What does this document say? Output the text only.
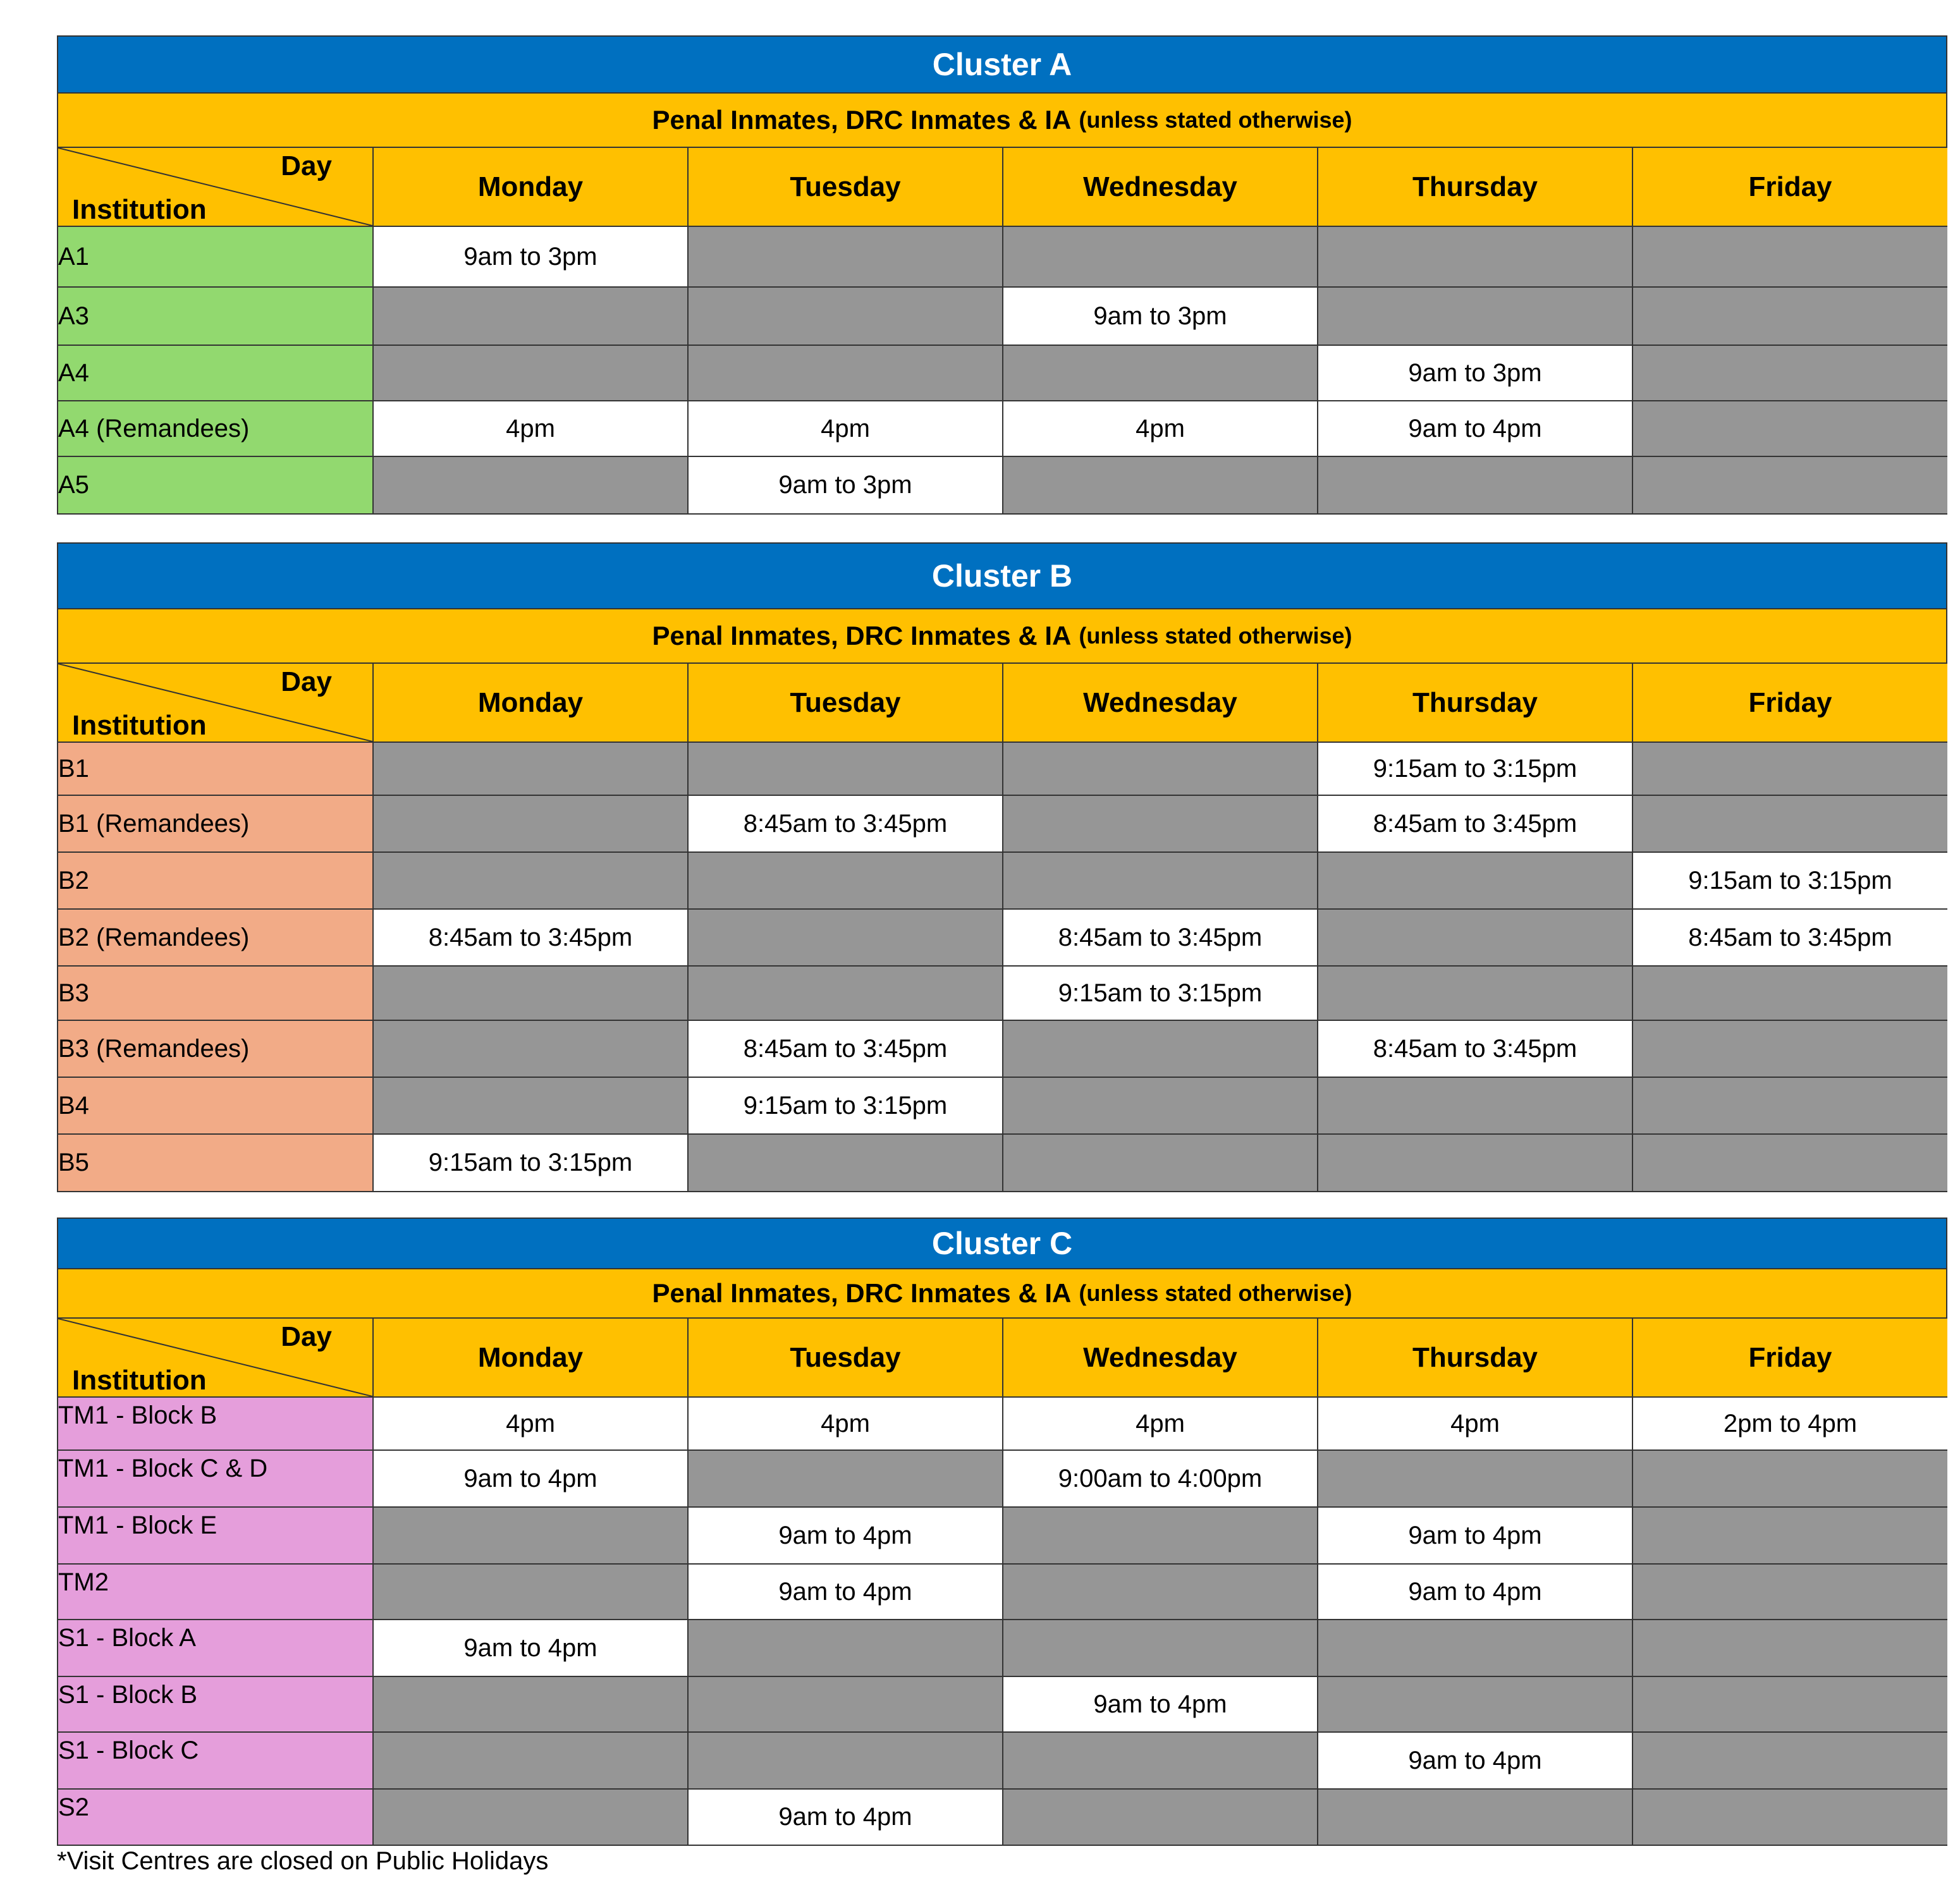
Cluster A
Penal Inmates, DRC Inmates & IA (unless stated otherwise)
Day
Institution	Monday	Tuesday	Wednesday	Thursday	Friday
A1	9am to 3pm				
A3			9am to 3pm		
A4				9am to 3pm	
A4 (Remandees)	4pm	4pm	4pm	9am to 4pm	
A5		9am to 3pm			
Cluster B
Penal Inmates, DRC Inmates & IA (unless stated otherwise)
Day
Institution	Monday	Tuesday	Wednesday	Thursday	Friday
B1				9:15am to 3:15pm	
B1 (Remandees)		8:45am to 3:45pm		8:45am to 3:45pm	
B2					9:15am to 3:15pm
B2 (Remandees)	8:45am to 3:45pm		8:45am to 3:45pm		8:45am to 3:45pm
B3			9:15am to 3:15pm		
B3 (Remandees)		8:45am to 3:45pm		8:45am to 3:45pm	
B4		9:15am to 3:15pm			
B5	9:15am to 3:15pm				
Cluster C
Penal Inmates, DRC Inmates & IA (unless stated otherwise)
Day
Institution	Monday	Tuesday	Wednesday	Thursday	Friday
TM1 - Block B	4pm	4pm	4pm	4pm	2pm to 4pm
TM1 - Block C & D	9am to 4pm		9:00am to 4:00pm		
TM1 - Block E		9am to 4pm		9am to 4pm	
TM2		9am to 4pm		9am to 4pm	
S1 - Block A	9am to 4pm				
S1 - Block B			9am to 4pm		
S1 - Block C				9am to 4pm	
S2		9am to 4pm			
*Visit Centres are closed on Public Holidays
